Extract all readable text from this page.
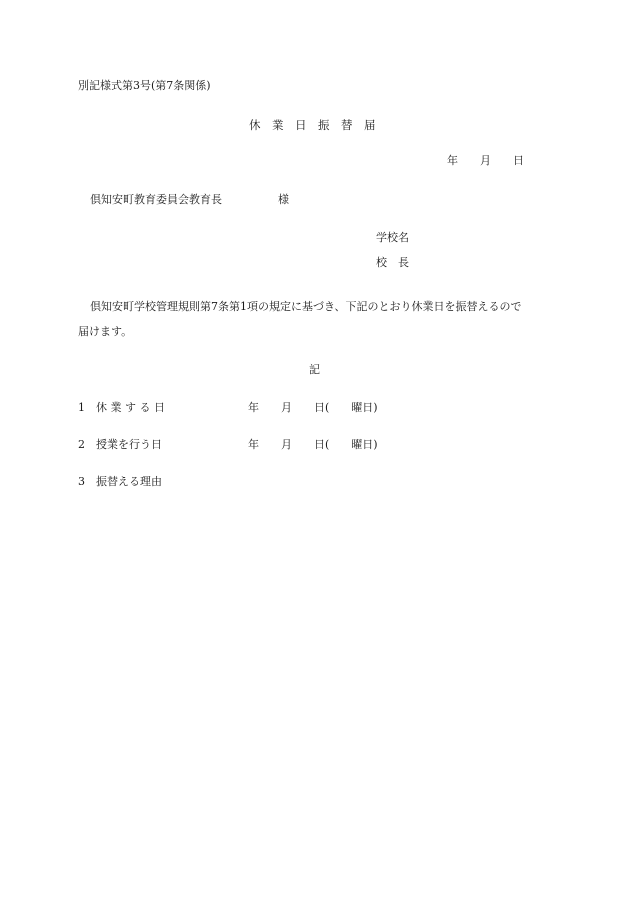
別記様式第3号(第7条関係)
休　業　日　振　替　届
年　　月　　日
倶知安町教育委員会教育長	様
学校名
校　長
倶知安町学校管理規則第7条第1項の規定に基づき、下記のとおり休業日を振替えるので
届けます。
記
1　休 業 す る 日	年　　月　　日(　　曜日)
2　授業を行う日	年　　月　　日(　　曜日)
3　振替える理由
